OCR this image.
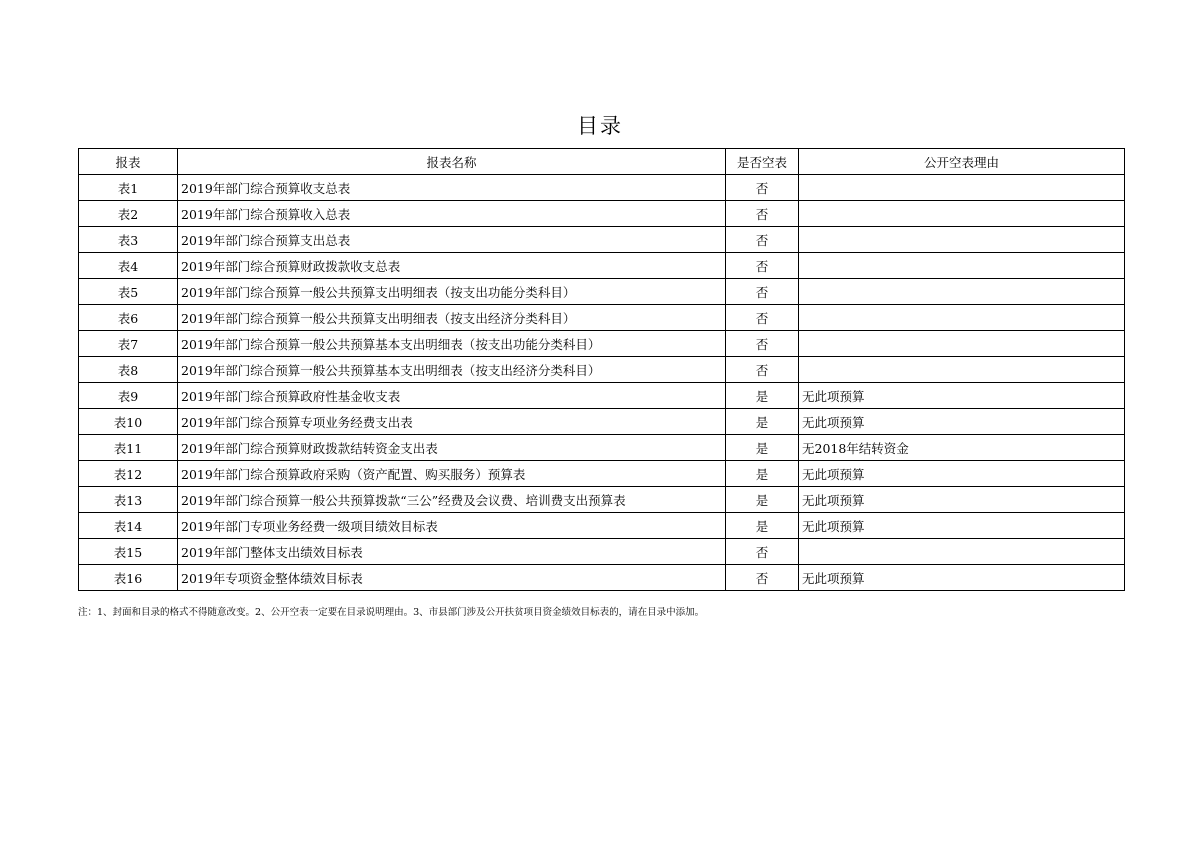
目录
报表	报表名称	是否空表	公开空表理由
表1	2019年部门综合预算收支总表	否	
表2	2019年部门综合预算收入总表	否	
表3	2019年部门综合预算支出总表	否	
表4	2019年部门综合预算财政拨款收支总表	否	
表5	2019年部门综合预算一般公共预算支出明细表（按支出功能分类科目）	否	
表6	2019年部门综合预算一般公共预算支出明细表（按支出经济分类科目）	否	
表7	2019年部门综合预算一般公共预算基本支出明细表（按支出功能分类科目）	否	
表8	2019年部门综合预算一般公共预算基本支出明细表（按支出经济分类科目）	否	
表9	2019年部门综合预算政府性基金收支表	是	无此项预算
表10	2019年部门综合预算专项业务经费支出表	是	无此项预算
表11	2019年部门综合预算财政拨款结转资金支出表	是	无2018年结转资金
表12	2019年部门综合预算政府采购（资产配置、购买服务）预算表	是	无此项预算
表13	2019年部门综合预算一般公共预算拨款“三公”经费及会议费、培训费支出预算表	是	无此项预算
表14	2019年部门专项业务经费一级项目绩效目标表	是	无此项预算
表15	2019年部门整体支出绩效目标表	否	
表16	2019年专项资金整体绩效目标表	否	无此项预算
注：1、封面和目录的格式不得随意改变。2、公开空表一定要在目录说明理由。3、市县部门涉及公开扶贫项目资金绩效目标表的，请在目录中添加。
